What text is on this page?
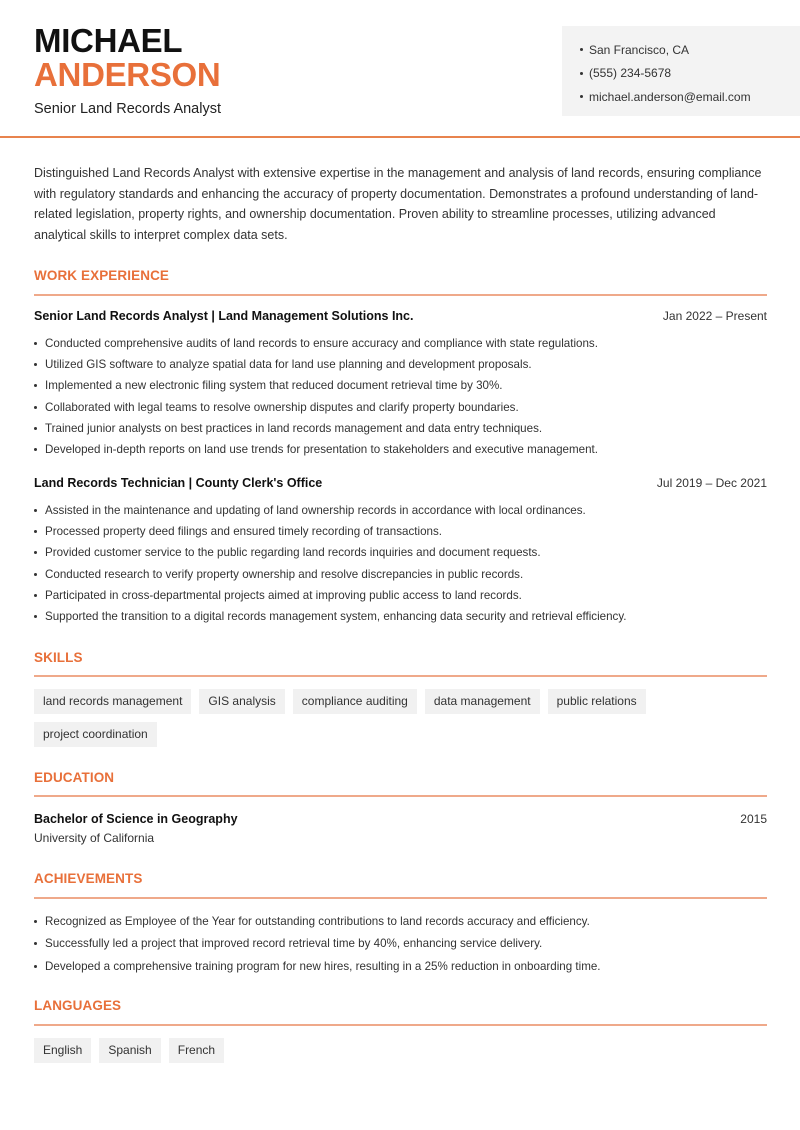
MICHAEL
ANDERSON
Senior Land Records Analyst
San Francisco, CA
(555) 234-5678
michael.anderson@email.com

Distinguished Land Records Analyst with extensive expertise in the management and analysis of land records, ensuring compliance with regulatory standards and enhancing the accuracy of property documentation. Demonstrates a profound understanding of land-related legislation, property rights, and ownership documentation. Proven ability to streamline processes, utilizing advanced analytical skills to interpret complex data sets.

WORK EXPERIENCE
Senior Land Records Analyst | Land Management Solutions Inc.	Jan 2022 – Present
Conducted comprehensive audits of land records to ensure accuracy and compliance with state regulations.
Utilized GIS software to analyze spatial data for land use planning and development proposals.
Implemented a new electronic filing system that reduced document retrieval time by 30%.
Collaborated with legal teams to resolve ownership disputes and clarify property boundaries.
Trained junior analysts on best practices in land records management and data entry techniques.
Developed in-depth reports on land use trends for presentation to stakeholders and executive management.
Land Records Technician | County Clerk's Office	Jul 2019 – Dec 2021
Assisted in the maintenance and updating of land ownership records in accordance with local ordinances.
Processed property deed filings and ensured timely recording of transactions.
Provided customer service to the public regarding land records inquiries and document requests.
Conducted research to verify property ownership and resolve discrepancies in public records.
Participated in cross-departmental projects aimed at improving public access to land records.
Supported the transition to a digital records management system, enhancing data security and retrieval efficiency.
SKILLS
land records management	GIS analysis	compliance auditing	data management	public relations
project coordination
EDUCATION
Bachelor of Science in Geography	2015
University of California
ACHIEVEMENTS
Recognized as Employee of the Year for outstanding contributions to land records accuracy and efficiency.
Successfully led a project that improved record retrieval time by 40%, enhancing service delivery.
Developed a comprehensive training program for new hires, resulting in a 25% reduction in onboarding time.
LANGUAGES
English	Spanish	French
